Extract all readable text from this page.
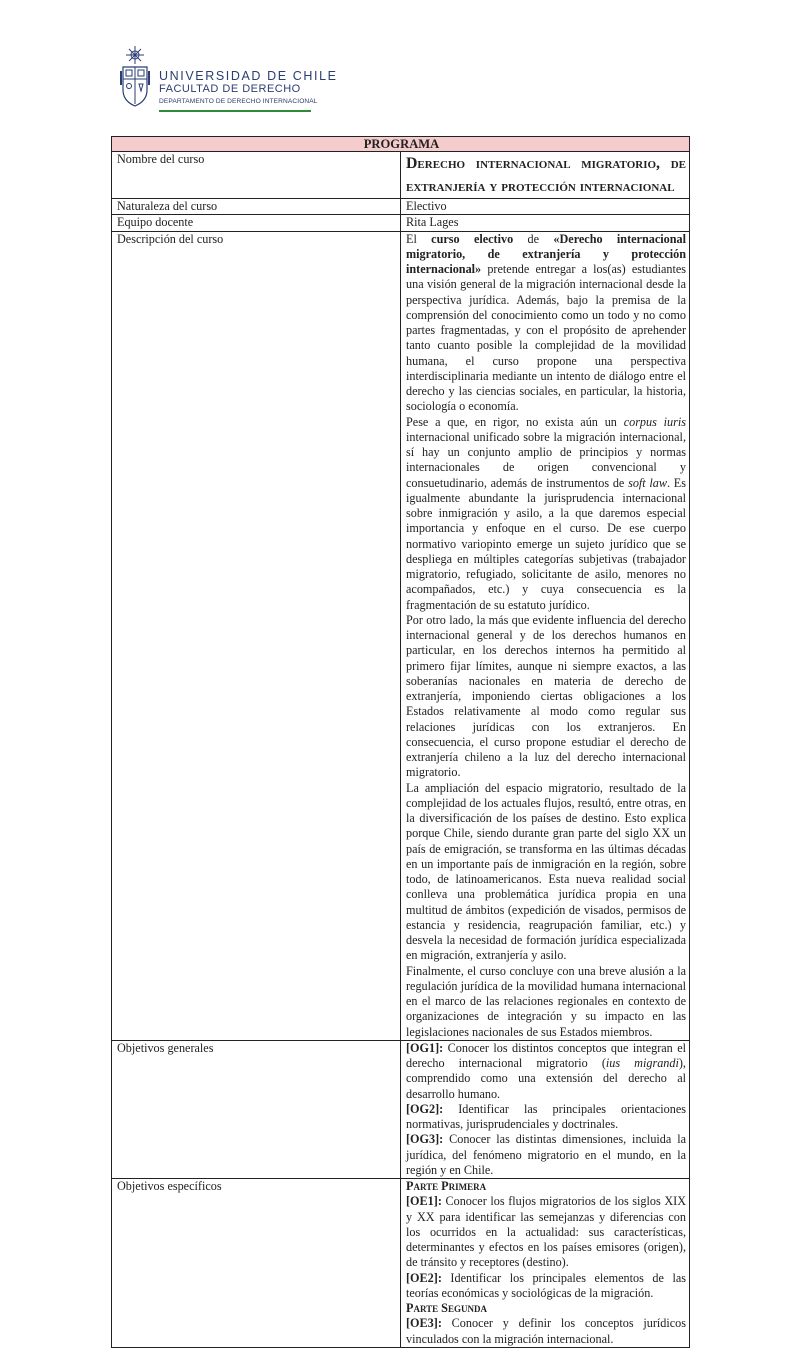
UNIVERSIDAD DE CHILE
FACULTAD DE DERECHO
DEPARTAMENTO DE DERECHO INTERNACIONAL
PROGRAMA	
Nombre del curso	Derecho internacional migratorio, de
extranjería y protección internacional

Naturaleza del curso	Electivo
Equipo docente	Rita Lages
Descripción del curso	El curso electivo de «Derecho internacional migratorio, de extranjería y protección internacional» pretende entregar a los(as) estudiantes una visión general de la migración internacional desde la perspectiva jurídica. Además, bajo la premisa de la comprensión del conocimiento como un todo y no como partes fragmentadas, y con el propósito de aprehender tanto cuanto posible la complejidad de la movilidad humana, el curso propone una perspectiva interdisciplinaria mediante un intento de diálogo entre el derecho y las ciencias sociales, en particular, la historia, sociología o economía.

Pese a que, en rigor, no exista aún un corpus iuris internacional unificado sobre la migración internacional, sí hay un conjunto amplio de principios y normas internacionales de origen convencional y consuetudinario, además de instrumentos de soft law. Es igualmente abundante la jurisprudencia internacional sobre inmigración y asilo, a la que daremos especial importancia y enfoque en el curso. De ese cuerpo normativo variopinto emerge un sujeto jurídico que se despliega en múltiples categorías subjetivas (trabajador migratorio, refugiado, solicitante de asilo, menores no acompañados, etc.) y cuya consecuencia es la fragmentación de su estatuto jurídico.

Por otro lado, la más que evidente influencia del derecho internacional general y de los derechos humanos en particular, en los derechos internos ha permitido al primero fijar límites, aunque ni siempre exactos, a las soberanías nacionales en materia de derecho de extranjería, imponiendo ciertas obligaciones a los Estados relativamente al modo como regular sus relaciones jurídicas con los extranjeros. En consecuencia, el curso propone estudiar el derecho de extranjería chileno a la luz del derecho internacional migratorio.

La ampliación del espacio migratorio, resultado de la complejidad de los actuales flujos, resultó, entre otras, en la diversificación de los países de destino. Esto explica porque Chile, siendo durante gran parte del siglo XX un país de emigración, se transforma en las últimas décadas en un importante país de inmigración en la región, sobre todo, de latinoamericanos. Esta nueva realidad social conlleva una problemática jurídica propia en una multitud de ámbitos (expedición de visados, permisos de estancia y residencia, reagrupación familiar, etc.) y desvela la necesidad de formación jurídica especializada en migración, extranjería y asilo.

Finalmente, el curso concluye con una breve alusión a la regulación jurídica de la movilidad humana internacional en el marco de las relaciones regionales en contexto de organizaciones de integración y su impacto en las legislaciones nacionales de sus Estados miembros.

Objetivos generales	[OG1]: Conocer los distintos conceptos que integran el derecho internacional migratorio (ius migrandi), comprendido como una extensión del derecho al desarrollo humano.

[OG2]: Identificar las principales orientaciones normativas, jurisprudenciales y doctrinales.

[OG3]: Conocer las distintas dimensiones, incluida la jurídica, del fenómeno migratorio en el mundo, en la región y en Chile.

Objetivos específicos	Parte Primera

[OE1]: Conocer los flujos migratorios de los siglos XIX y XX para identificar las semejanzas y diferencias con los ocurridos en la actualidad: sus características, determinantes y efectos en los países emisores (origen), de tránsito y receptores (destino).

[OE2]: Identificar los principales elementos de las teorías económicas y sociológicas de la migración.

Parte Segunda

[OE3]: Conocer y definir los conceptos jurídicos vinculados con la migración internacional.
